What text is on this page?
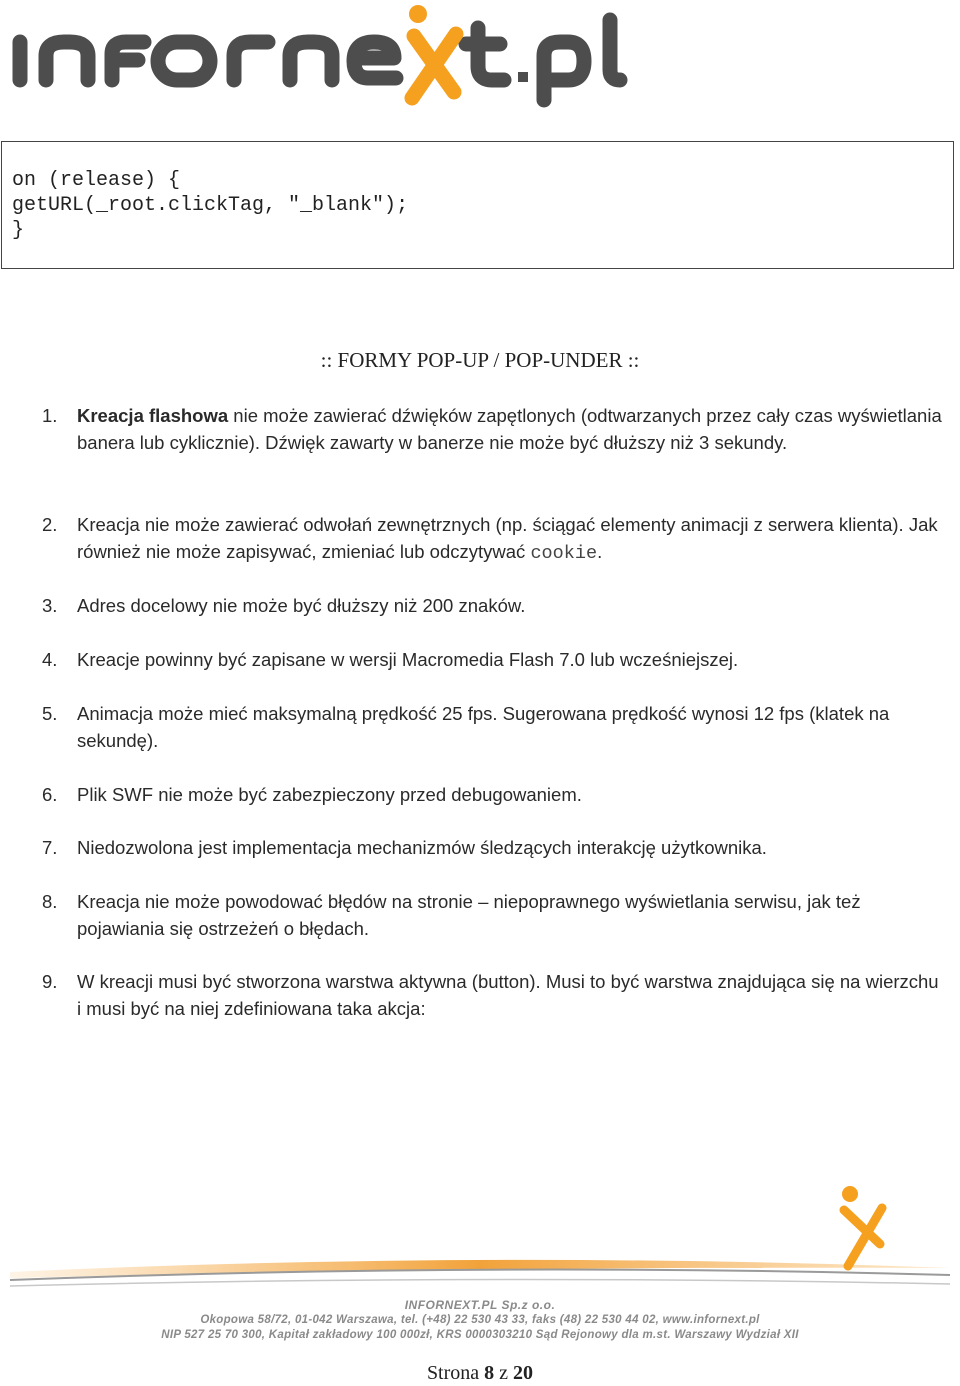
on (release) {
getURL(_root.clickTag, "_blank");
}
:: FORMY POP-UP / POP-UNDER ::
1. Kreacja flashowa nie może zawierać dźwięków zapętlonych (odtwarzanych przez cały czas wyświetlania banera lub cyklicznie). Dźwięk zawarty w banerze nie może być dłuższy niż 3 sekundy.
2. Kreacja nie może zawierać odwołań zewnętrznych (np. ściągać elementy animacji z serwera klienta). Jak również nie może zapisywać, zmieniać lub odczytywać cookie.
3. Adres docelowy nie może być dłuższy niż 200 znaków.
4. Kreacje powinny być zapisane w wersji Macromedia Flash 7.0 lub wcześniejszej.
5. Animacja może mieć maksymalną prędkość 25 fps. Sugerowana prędkość wynosi 12 fps (klatek na sekundę).
6. Plik SWF nie może być zabezpieczony przed debugowaniem.
7. Niedozwolona jest implementacja mechanizmów śledzących interakcję użytkownika.
8. Kreacja nie może powodować błędów na stronie – niepoprawnego wyświetlania serwisu, jak też pojawiania się ostrzeżeń o błędach.
9. W kreacji musi być stworzona warstwa aktywna (button). Musi to być warstwa znajdująca się na wierzchu i musi być na niej zdefiniowana taka akcja:
INFORNEXT.PL Sp.z o.o.
Okopowa 58/72, 01-042 Warszawa, tel. (+48) 22 530 43 33, faks (48) 22 530 44 02, www.infornext.pl
NIP 527 25 70 300, Kapitał zakładowy 100 000zł, KRS 0000303210 Sąd Rejonowy dla m.st. Warszawy Wydział XII
Strona 8 z 20
